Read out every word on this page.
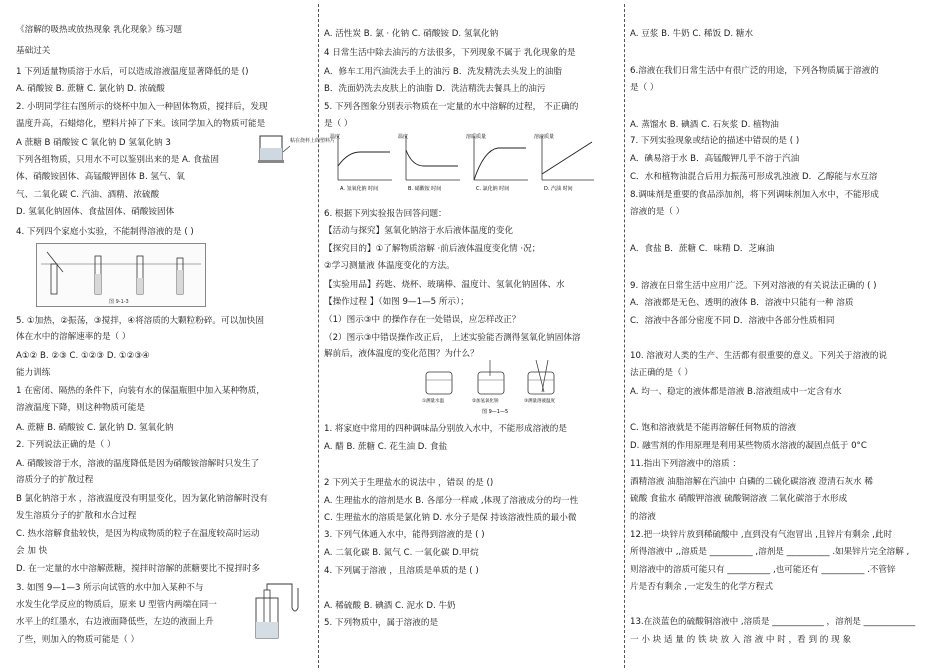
《溶解的吸热或放热现象 乳化现象》练习题
基础过关
1 下列适量物质溶于水后，可以造成溶液温度显著降低的是 ()
A. 硝酸铵 B. 蔗糖 C. 氯化钠 D. 浓硫酸
2. 小明同学往右图所示的烧杯中加入一种固体物质，搅拌后，发现
温度升高，石蜡熔化，塑料片掉了下来。该同学加入的物质可能是
A 蔗糖 B 硝酸铵 C 氧化钠 D 氢氧化钠 3
下列各组物质，只用水不可以鉴别出来的是 A. 食盐固
体、硝酸铵固体、高锰酸钾固体 B. 氢气、氧
气、二氧化碳 C. 汽油、酒精、浓硫酸
D. 氢氧化钠固体、食盐固体、硝酸铵固体
4. 下列四个家庭小实验，不能制得溶液的是 ( )
5. ①加热，②振荡，③搅拌，④将溶质的大颗粒粉碎。可以加快固
体在水中的溶解速率的是（ ）
A①② B. ②③ C. ①②③ D. ①②③④
能力训练
1 在密闭、隔热的条件下，向装有水的保温瓶胆中加入某种物质，
溶液温度下降，则这种物质可能是
A. 蔗糖 B. 硝酸铵 C. 氯化钠 D. 氢氧化钠
2. 下列说法正确的是（ ）
A. 硝酸铵溶于水，溶液的温度降低是因为硝酸铵溶解时只发生了
溶质分子的扩散过程
B 氯化钠溶于水 ，溶液温度没有明显变化，因为氯化钠溶解时没有
发生溶质分子的扩散和水合过程
C. 热水溶解食盐较快，是因为构成物质的粒子在温度较高时运动
会 加 快
D. 在一定量的水中溶解蔗糖，搅拌时溶解的蔗糖要比不搅拌时多
3. 如图 9—1—3 所示向试管的水中加入某种不与
水发生化学反应的物质后，原来 U 型管内两端在同一
水平上的红墨水，右边液面降低些，左边的液面上升
了些，则加入的物质可能是（ ）
A. 活性炭 B. 氯 · 化钠 C. 硝酸铵 D. 氢氧化钠
4 日常生活中除去油污的方法很多，下列现象不属于 乳化现象的是
A．修车工用汽油洗去手上的油污 B．洗发精洗去头发上的油脂
B．洗面奶洗去皮肤上的油脂 D．洗洁精洗去餐具上的油污
5. 下列各图象分别表示物质在一定量的水中溶解的过程， 不正确的
是（ ）
6. 根据下列实验报告回答问题：
【活动与探究】氢氧化钠溶于水后液体温度的变化
【探究目的】①了解物质溶解 ·前后液体温度变化情 ·况；
②学习测量液 体温度变化的方法。
【实验用品】药匙、烧杯、玻璃棒、温度计、氢氧化钠固体、水
【操作过程 】（如图 9—1—5 所示）；
（1）图示③中 的操作存在一处错误，应怎样改正？
（2）图示③中错误操作改正后， 上述实验能否测得氢氧化钠固体溶
解前后，液体温度的变化范围？为什么？
1. 将家庭中常用的四种调味品分别放入水中，不能形成溶液的是
A. 醋 B. 蔗糖 C. 花生油 D. 食盐
2 下列关于生理盐水的说法中 ，错误 的是 ()
A. 生理盐水的溶剂是水 B. 各部分一样咸 ,体现了溶液成分的均一性
C. 生理盐水的溶质是氯化钠 D. 水分子是保 持该溶液性质的最小微
3. 下列气体通入水中，能得到溶液的是 ( )
A. 二氧化碳 B. 氮气 C. 一氧化碳 D.甲烷
4. 下列属于溶液 ，且溶质是单质的是 ( )
A. 稀硫酸 B. 碘酒 C. 泥水 D. 牛奶
5. 下列物质中，属于溶液的是
A. 豆浆 B. 牛奶 C. 稀饭 D. 糖水
6.溶液在我们日常生活中有很广泛的用途，下列各物质属于溶液的
是（ ）
A. 蒸馏水 B. 碘酒 C. 石灰浆 D. 植物油
7. 下列实验现象或结论的描述中错误的是 ( )
A．碘易溶于水 B．高锰酸钾几乎不溶于汽油
C．水和植物油混合后用力振荡可形成乳浊液 D．乙醇能与水互溶
8.调味剂是重要的食品添加剂，将下列调味剂加入水中，不能形成
溶液的是（ ）
A．食盐 B．蔗糖 C．味精 D．芝麻油
9. 溶液在日常生活中应用广泛。下列对溶液的有关说法正确的 ( )
A．溶液都是无色、透明的液体 B．溶液中只能有一种 溶质
C．溶液中各部分密度不同 D．溶液中各部分性质相同
10. 溶液对人类的生产、生活都有很重要的意义。下列关于溶液的说
法正确的是（ ）
A. 均一、稳定的液体都是溶液 B.溶液组成中一定含有水
C. 饱和溶液就是不能再溶解任何物质的溶液
D. 融雪剂的作用原理是利用某些物质水溶液的凝固点低于 0°C
11.指出下列溶液中的溶质 ：
酒精溶液 油脂溶解在汽油中 白磷的二硫化碳溶液 澄清石灰水 稀
硫酸 食盐水 硝酸钾溶液 硫酸铜溶液 二氧化碳溶于水形成
的溶液
12.把一块锌片放到稀硫酸中 ,直到没有气泡冒出 ,且锌片有剩余 ,此时
所得溶液中 ,,溶质是 __________ ,溶剂是 __________ .如果锌片完全溶解 ,
则溶液中的溶质可能只有 __________ ,也可能还有 __________ .不管锌
片是否有剩余 ,一定发生的化学方程式
13.在淡蓝色的硫酸铜溶液中 ,溶质是 ____________ ，溶剂是 ____________
一 小 块 适 量 的 铁 块 放 入 溶 液 中 时 ，看 到 的 现 象
粘在烧杯上的塑料片
图 9-1-3
温度
A. 氢氧化钠 时间
温度
B. 硝酸铵 时间
溶质质量
C. 氯化钠 时间
溶液质量
D. 汽油 时间
①测量水温	②加氢氧化钠	③测量溶液温度
图 9—1—5
